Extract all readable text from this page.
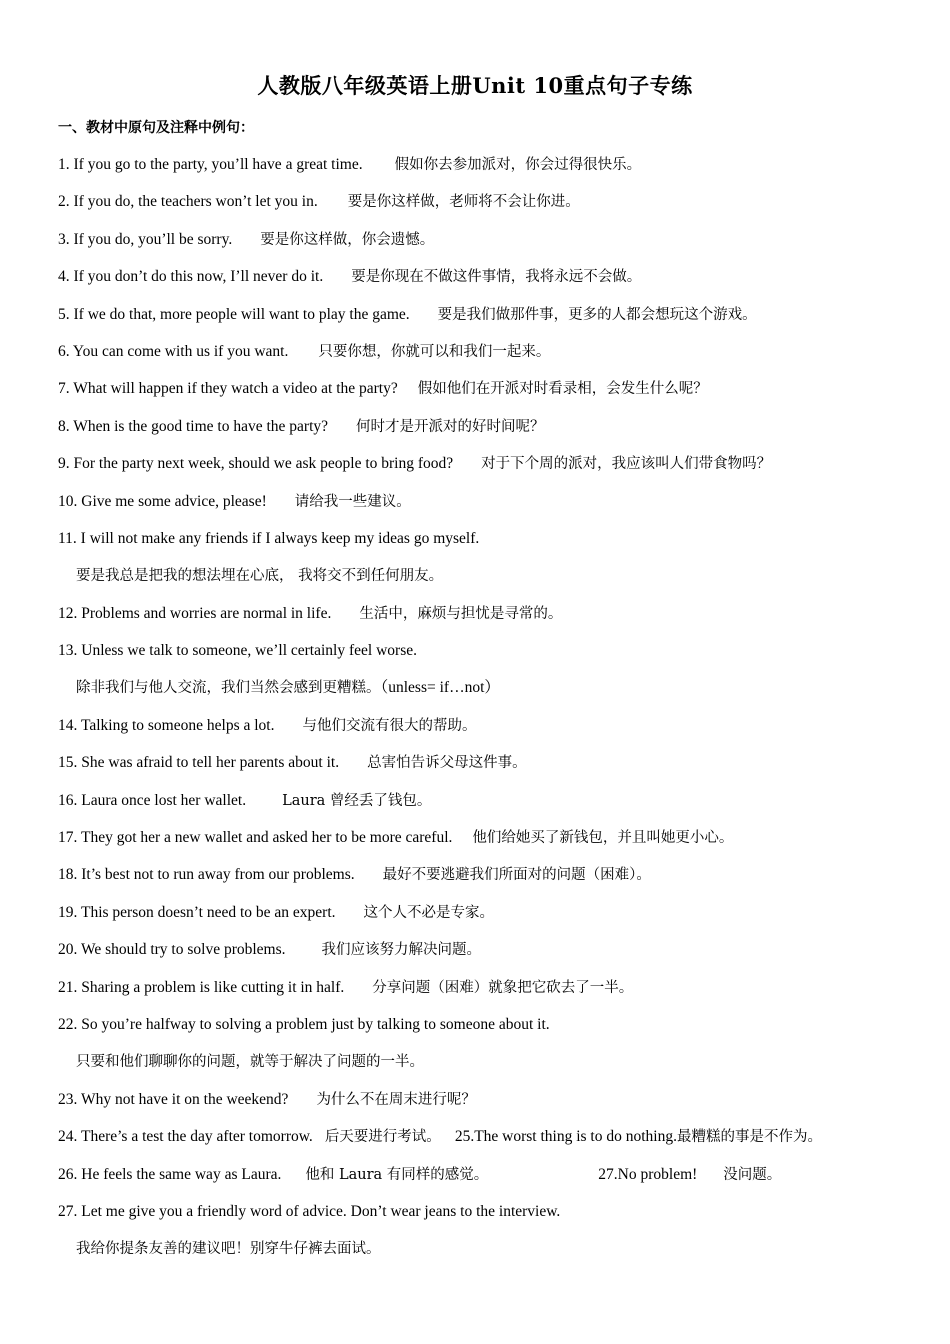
人教版八年级英语上册Unit 10重点句子专练
一、教材中原句及注释中例句：
1. If you go to the party, you’ll have a great time. 假如你去参加派对，你会过得很快乐。
2. If you do, the teachers won’t let you in. 要是你这样做，老师将不会让你进。
3. If you do, you’ll be sorry. 要是你这样做，你会遗憾。
4. If you don’t do this now, I’ll never do it. 要是你现在不做这件事情，我将永远不会做。
5. If we do that, more people will want to play the game. 要是我们做那件事，更多的人都会想玩这个游戏。
6. You can come with us if you want. 只要你想，你就可以和我们一起来。
7. What will happen if they watch a video at the party? 假如他们在开派对时看录相，会发生什么呢？
8. When is the good time to have the party? 何时才是开派对的好时间呢？
9. For the party next week, should we ask people to bring food? 对于下个周的派对，我应该叫人们带食物吗？
10. Give me some advice, please! 请给我一些建议。
11. I will not make any friends if I always keep my ideas go myself.
要是我总是把我的想法埋在心底， 我将交不到任何朋友。
12. Problems and worries are normal in life. 生活中，麻烦与担忧是寻常的。
13. Unless we talk to someone, we’ll certainly feel worse.
除非我们与他人交流，我们当然会感到更糟糕。（unless= if…not）
14. Talking to someone helps a lot. 与他们交流有很大的帮助。
15. She was afraid to tell her parents about it. 总害怕告诉父母这件事。
16. Laura once lost her wallet. Laura 曾经丢了钱包。
17. They got her a new wallet and asked her to be more careful. 他们给她买了新钱包，并且叫她更小心。
18. It’s best not to run away from our problems. 最好不要逃避我们所面对的问题（困难）。
19. This person doesn’t need to be an expert. 这个人不必是专家。
20. We should try to solve problems. 我们应该努力解决问题。
21. Sharing a problem is like cutting it in half. 分享问题（困难）就象把它砍去了一半。
22. So you’re halfway to solving a problem just by talking to someone about it.
只要和他们聊聊你的问题，就等于解决了问题的一半。
23. Why not have it on the weekend? 为什么不在周末进行呢？
24. There’s a test the day after tomorrow. 后天要进行考试。 25.The worst thing is to do nothing.最糟糕的事是不作为。
26. He feels the same way as Laura. 他和 Laura 有同样的感觉。	27.No problem! 没问题。
27. Let me give you a friendly word of advice. Don’t wear jeans to the interview.
我给你提条友善的建议吧！别穿牛仔裤去面试。
